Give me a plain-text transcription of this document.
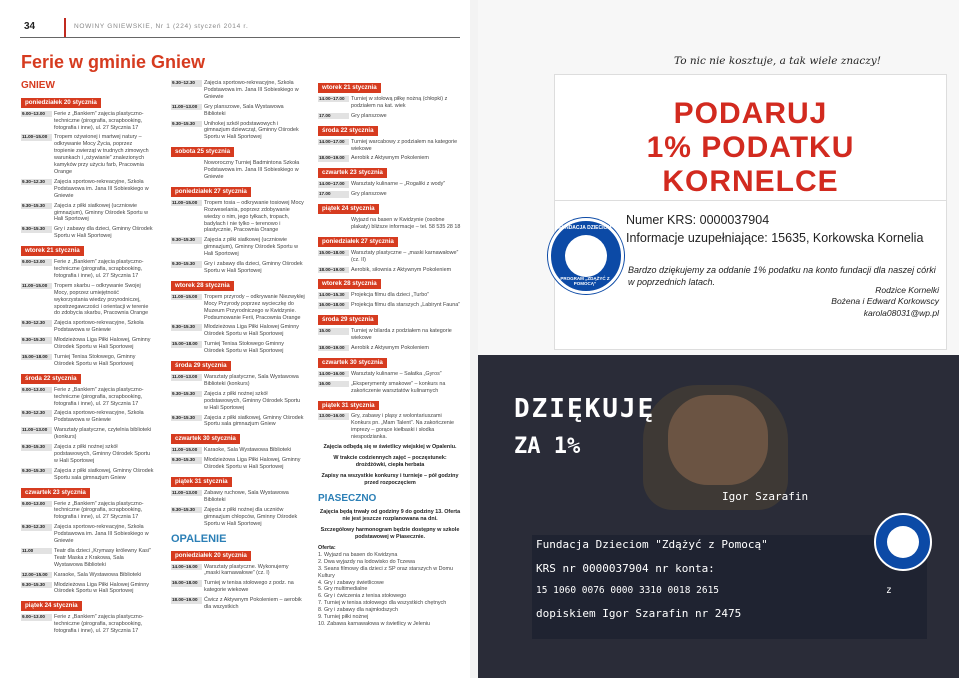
34	NOWINY GNIEWSKIE, Nr 1 (224) styczeń 2014 r.
Ferie w gminie Gniew
GNIEW
poniedziałek 20 stycznia
9.00–13.00	Ferie z „Bankiem” zajęcia plastyczno-techniczne (pirografia, scrapbooking, fotografia i inne), ul. 27 Stycznia 17
11.00–15.00	Tropem ożywionej i martwej natury – odkrywanie Mocy Życia, poprzez tropienie zwierząt w trudnych zimowych warunkach i „ożywianie” znalezionych kamyków przy użyciu farb, Pracownia Orange
9.30–12.30	Zajęcia sportowo-rekreacyjne, Szkoła Podstawowa im. Jana III Sobieskiego w Gniewie
9.30–15.30	Zajęcia z piłki siatkowej (uczniowie gimnazjum), Gminny Ośrodek Sportu w Hali Sportowej
9.30–15.30	Gry i zabawy dla dzieci, Gminny Ośrodek Sportu w Hali Sportowej
wtorek 21 stycznia
9.00–13.00	Ferie z „Bankiem” zajęcia plastyczno-techniczne (pirografia, scrapbooking, fotografia i inne), ul. 27 Stycznia 17
11.00–15.00	Tropem skarbu – odkrywanie Swojej Mocy, poprzez umiejętność wykorzystania wiedzy przyrodniczej, spostrzegawczości i orientacji w terenie do zdobycia skarbu, Pracownia Orange
9.30–12.30	Zajęcia sportowo-rekreacyjne, Szkoła Podstawowa w Gniewie
9.30–15.30	Młodzieżowa Liga Piłki Halowej, Gminny Ośrodek Sportu w Hali Sportowej
15.00–18.00	Turniej Tenisa Stołowego, Gminny Ośrodek Sportu w Hali Sportowej
środa 22 stycznia
9.00–13.00	Ferie z „Bankiem” zajęcia plastyczno-techniczne (pirografia, scrapbooking, fotografia i inne), ul. 27 Stycznia 17
9.30–12.30	Zajęcia sportowo-rekreacyjne, Szkoła Podstawowa w Gniewie
11.00–13.00	Warsztaty plastyczne, czytelnia biblioteki (konkurs)
9.30–15.30	Zajęcia z piłki nożnej szkół podstawowych, Gminny Ośrodek Sportu w Hali Sportowej
9.30–15.30	Zajęcia z piłki siatkowej, Gminny Ośrodek Sportu sala gimnazjum Gniew
czwartek 23 stycznia
9.00–13.00	Ferie z „Bankiem” zajęcia plastyczno-techniczne (pirografia, scrapbooking, fotografia i inne), ul. 27 Stycznia 17
9.30–12.30	Zajęcia sportowo-rekreacyjne, Szkoła Podstawowa im. Jana III Sobieskiego w Gniewie
11.00	Teatr dla dzieci „Krymasy królewny Kasi” Teatr Maska z Krakowa, Sala Wystawowa Biblioteki
12.00–15.00	Karaoke, Sala Wystawowa Biblioteki
9.30–15.30	Młodzieżowa Liga Piłki Halowej Gminny Ośrodek Sportu w Hali Sportowej
piątek 24 stycznia
9.00–13.00	Ferie z „Bankiem” zajęcia plastyczno-techniczne (pirografia, scrapbooking, fotografia i inne), ul. 27 Stycznia 17
9.30–12.30	Zajęcia sportowo-rekreacyjne, Szkoła Podstawowa im. Jana III Sobieskiego w Gniewie
11.00–13.00	Gry planszowe, Sala Wystawowa Biblioteki
9.30–15.30	Unihokej szkół podstawowych i gimnazjum dziewcząt, Gminny Ośrodek Sportu w Hali Sportowej
sobota 25 stycznia
Noworoczny Turniej Badmintona Szkoła Podstawowa im. Jana III Sobieskiego w Gniewie
poniedziałek 27 stycznia
11.00–15.00	Tropem tosia – odkrywanie tosiowej Mocy Rozweselania, poprzez zdobywanie wiedzy o nim, jego tyłkach, tropach, badylach i nie tylko – terenowo i plastycznie, Pracownia Orange
9.30–15.30	Zajęcia z piłki siatkowej (uczniowie gimnazjum), Gminny Ośrodek Sportu w Hali Sportowej
9.30–15.30	Gry i zabawy dla dzieci, Gminny Ośrodek Sportu w Hali Sportowej
wtorek 28 stycznia
11.00–15.00	Tropem przyrody – odkrywanie Niezwykłej Mocy Przyrody poprzez wycieczkę do Muzeum Przyrodniczego w Kwidzynie. Podsumowanie Ferii, Pracownia Orange
9.30–15.30	Młodzieżowa Liga Piłki Halowej Gminny Ośrodek Sportu w Hali Sportowej
15.00–18.00	Turniej Tenisa Stołowego Gminny Ośrodek Sportu w Hali Sportowej
środa 29 stycznia
11.00–13.00	Warsztaty plastyczne, Sala Wystawowa Biblioteki (konkurs)
9.30–15.30	Zajęcia z piłki nożnej szkół podstawowych, Gminny Ośrodek Sportu w Hali Sportowej
9.30–15.30	Zajęcia z piłki siatkowej, Gminny Ośrodek Sportu sala gimnazjum Gniew
czwartek 30 stycznia
11.00–15.00	Karaoke, Sala Wystawowa Biblioteki
9.30–15.30	Młodzieżowa Liga Piłki Halowej, Gminny Ośrodek Sportu w Hali Sportowej
piątek 31 stycznia
11.00–13.00	Zabawy ruchowe, Sala Wystawowa Biblioteki
9.30–15.30	Zajęcia z piłki nożnej dla uczniów gimnazjum chłopców, Gminny Ośrodek Sportu w Hali Sportowej
OPALENIE
poniedziałek 20 stycznia
14.00–16.00	Warsztaty plastyczne. Wykonujemy „maski karnawałowe” (cz. I)
16.00–18.00	Turniej w tenisa stołowego z podz. na kategorie wiekowe
18.00–19.00	Ćwicz z Aktywnym Pokoleniem – aerobik dla wszystkich
wtorek 21 stycznia
14.00–17.00	Turniej w stołową piłkę nożną (chłopki) z podziałem na kat. wiek
17.00	Gry planszowe
środa 22 stycznia
14.00–17.00	Turniej warcabowy z podziałem na kategorie wiekowe
18.00–19.00	Aerobik z Aktywnym Pokoleniem
czwartek 23 stycznia
14.00–17.00	Warsztaty kulinarne – „Rogaliki z wody”
17.00	Gry planszowe
piątek 24 stycznia
Wyjazd na basen w Kwidzynie (osobne plakaty) bliższe informacje – tel. 58 535 28 18
poniedziałek 27 stycznia
15.00–18.00	Warsztaty plastyczne – „maski karnawałowe” (cz. II)
18.00–19.00	Aerobik, siłownia z Aktywnym Pokoleniem
wtorek 28 stycznia
14.00–15.30	Projekcja filmu dla dzieci „Turbo”
16.00–18.00	Projekcja filmu dla starszych „Labirynt Fauna”
środa 29 stycznia
15.00	Turniej w bilarda z podziałem na kategorie wiekowe
18.00–19.00	Aerobik z Aktywnym Pokoleniem
czwartek 30 stycznia
14.00–16.00	Warsztaty kulinarne – Sałatka „Gyros”
16.00	„Eksperymenty smakowe” – konkurs na zakończenie warsztatów kulinarnych
piątek 31 stycznia
13.00–16.00	Gry, zabawy i pląsy z wolontariuszami Konkurs pn. „Mam Talent”. Na zakończenie imprezy – gorące kiełbaski i słodka niespodzianka.
Zajęcia odbędą się w świetlicy wiejskiej w Opaleniu.
W trakcie codziennych zajęć – poczęstunek: drożdżówki, ciepła herbata
Zapisy na wszystkie konkursy i turnieje – pół godziny przed rozpoczęciem
PIASECZNO
Zajęcia będą trwały od godziny 9 do godziny 13. Oferta nie jest jeszcze rozplanowana na dni.
Szczegółowy harmonogram będzie dostępny w szkole podstawowej w Piasecznie.
Oferta:
1. Wyjazd na basen do Kwidzyna
2. Dwa wyjazdy na lodowisko do Tczewa
3. Seans filmowy dla dzieci z SP oraz starszych w Domu Kultury
4. Gry i zabawy świetlicowe
5. Gry multimedialne
6. Gry i ćwiczenia z tenisa stołowego
7. Turniej w tenisa stołowego dla wszystkich chętnych
8. Gry i zabawy dla najmłodszych
9. Turniej piłki nożnej
10. Zabawa karnawałowa w świetlicy w Jeleniu
To nic nie kosztuje, a tak wiele znaczy!
PODARUJ
1% PODATKU
KORNELCE
FUNDACJA DZIECIOM
PROGRAM „ZDĄŻYĆ Z POMOCĄ”
Numer KRS: 0000037904
Informacje uzupełniające: 15635, Korkowska Kornelia
Bardzo dziękujemy za oddanie 1% podatku na konto fundacji dla naszej córki w poprzednich latach.
Rodzice Kornelki
Bożena i Edward Korkowscy
karola08031@wp.pl
DZIĘKUJĘ
ZA 1%
Igor Szarafin
Fundacja Dzieciom "Zdążyć z Pomocą"
KRS nr 0000037904 nr konta:
15 1060 0076 0000 3310 0018 2615	z
dopiskiem Igor Szarafin nr 2475
